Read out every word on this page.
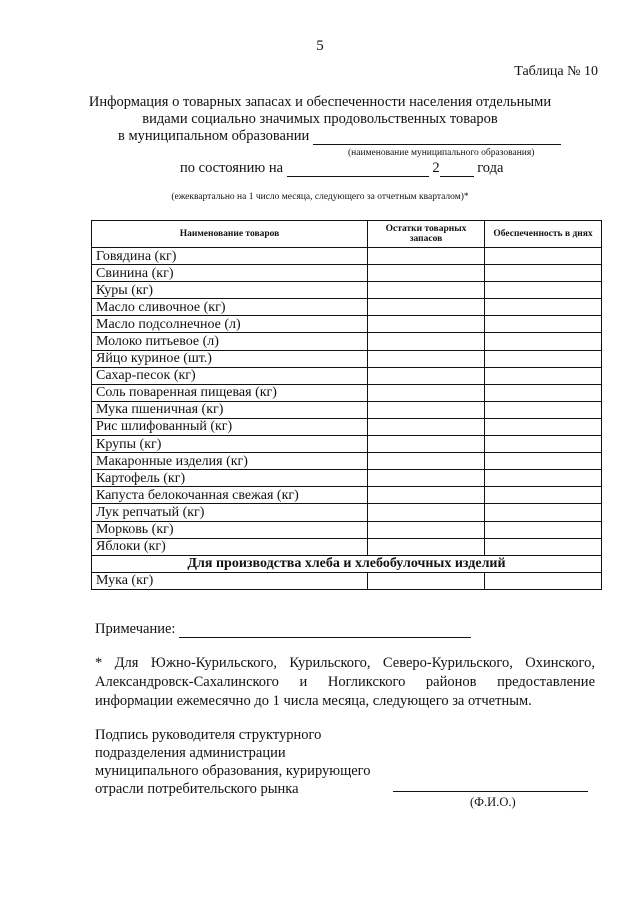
5
Таблица № 10
Информация о товарных запасах и обеспеченности населения отдельными
видами социально значимых продовольственных товаров
в муниципальном образовании
(наименование муниципального образования)
по состоянию на	2	года
(ежеквартально на 1 число месяца, следующего за отчетным кварталом)*
Наименование товаров	Остатки товарных запасов	Обеспеченность в днях
Говядина (кг)		
Свинина (кг)		
Куры (кг)		
Масло сливочное (кг)		
Масло подсолнечное (л)		
Молоко питьевое (л)		
Яйцо куриное (шт.)		
Сахар-песок (кг)		
Соль поваренная пищевая (кг)		
Мука пшеничная (кг)		
Рис шлифованный (кг)		
Крупы (кг)		
Макаронные изделия (кг)		
Картофель (кг)		
Капуста белокочанная свежая (кг)		
Лук репчатый (кг)		
Морковь (кг)		
Яблоки (кг)		
Для производства хлеба и хлебобулочных изделий		
Мука (кг)		
Примечание:
* Для Южно-Курильского, Курильского, Северо-Курильского, Охинского, Александровск-Сахалинского и Ногликского районов предоставление информации ежемесячно до 1 числа месяца, следующего за отчетным.
Подпись руководителя структурного
подразделения администрации
муниципального образования, курирующего
отрасли потребительского рынка
(Ф.И.О.)
